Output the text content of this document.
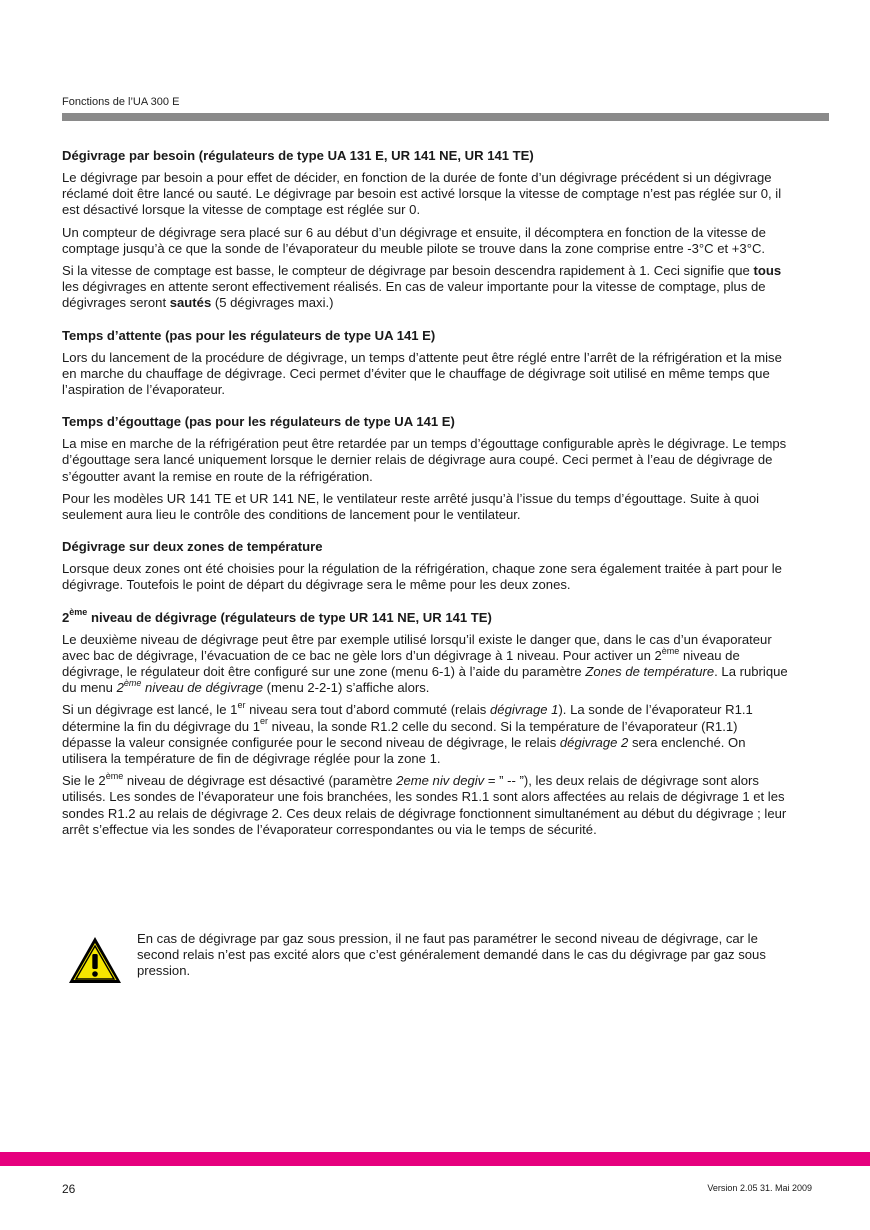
Fonctions de l’UA 300 E
Dégivrage par besoin (régulateurs de type UA 131 E, UR 141 NE, UR 141 TE)

Le dégivrage par besoin a pour effet de décider, en fonction de la durée de fonte d’un dégivrage précédent si un dégivrage réclamé doit être lancé ou sauté. Le dégivrage par besoin est activé lorsque la vitesse de comptage n’est pas réglée sur 0, il est désactivé lorsque la vitesse de comptage est réglée sur 0.

Un compteur de dégivrage sera placé sur 6 au début d’un dégivrage et ensuite, il décomptera en fonction de la vitesse de comptage jusqu’à ce que la sonde de l’évaporateur du meuble pilote se trouve dans la zone comprise entre -3°C et +3°C.

Si la vitesse de comptage est basse, le compteur de dégivrage par besoin descendra rapidement à 1. Ceci signifie que tous les dégivrages en attente seront effectivement réalisés. En cas de valeur importante pour la vitesse de comptage, plus de dégivrages seront sautés (5 dégivrages maxi.)

Temps d’attente (pas pour les régulateurs de type UA 141 E)

Lors du lancement de la procédure de dégivrage, un temps d’attente peut être réglé entre l’arrêt de la réfrigération et la mise en marche du chauffage de dégivrage. Ceci permet d’éviter que le chauffage de dégivrage soit utilisé en même temps que l’aspiration de l’évaporateur.

Temps d’égouttage (pas pour les régulateurs de type UA 141 E)

La mise en marche de la réfrigération peut être retardée par un temps d’égouttage configurable après le dégivrage. Le temps d’égouttage sera lancé uniquement lorsque le dernier relais de dégivrage aura coupé. Ceci permet à l’eau de dégivrage de s’égoutter avant la remise en route de la réfrigération.

Pour les modèles UR 141 TE et UR 141 NE, le ventilateur reste arrêté jusqu’à l’issue du temps d’égouttage. Suite à quoi seulement aura lieu le contrôle des conditions de lancement pour le ventilateur.

Dégivrage sur deux zones de température

Lorsque deux zones ont été choisies pour la régulation de la réfrigération, chaque zone sera également traitée à part pour le dégivrage. Toutefois le point de départ du dégivrage sera le même pour les deux zones.

2ème niveau de dégivrage (régulateurs de type UR 141 NE, UR 141 TE)

Le deuxième niveau de dégivrage peut être par exemple utilisé lorsqu’il existe le danger que, dans le cas d’un évaporateur avec bac de dégivrage, l’évacuation de ce bac ne gèle lors d’un dégivrage à 1 niveau. Pour activer un 2ème niveau de dégivrage, le régulateur doit être configuré sur une zone (menu 6-1) à l’aide du paramètre Zones de température. La rubrique du menu 2ème niveau de dégivrage (menu 2-2-1) s’affiche alors.

Si un dégivrage est lancé, le 1er niveau sera tout d’abord commuté (relais dégivrage 1). La sonde de l’évaporateur R1.1 détermine la fin du dégivrage du 1er niveau, la sonde R1.2 celle du second. Si la température de l’évaporateur (R1.1) dépasse la valeur consignée configurée pour le second niveau de dégivrage, le relais dégivrage 2 sera enclenché. On utilisera la température de fin de dégivrage réglée pour la zone 1.

Sie le 2ème niveau de dégivrage est désactivé (paramètre 2eme niv degiv = ” -- ”), les deux relais de dégivrage sont alors utilisés. Les sondes de l’évaporateur une fois branchées, les sondes R1.1 sont alors affectées au relais de dégivrage 1 et les sondes R1.2 au relais de dégivrage 2. Ces deux relais de dégivrage fonctionnent simultanément au début du dégivrage ; leur arrêt s’effectue via les sondes de l’évaporateur correspondantes ou via le temps de sécurité.

En cas de dégivrage par gaz sous pression, il ne faut pas paramétrer le second niveau de dégivrage, car le second relais n’est pas excité alors que c’est généralement demandé dans le cas du dégivrage par gaz sous pression.
26	Version 2.05 31. Mai 2009
